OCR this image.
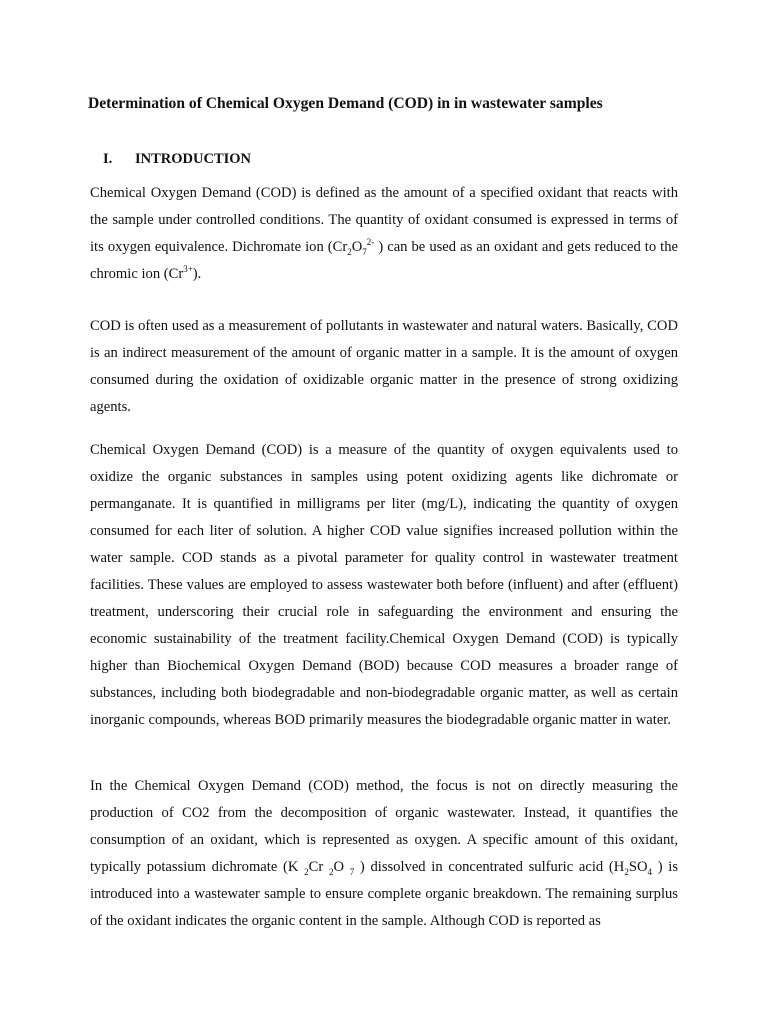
Determination of Chemical Oxygen Demand (COD) in in wastewater samples
I. INTRODUCTION

Chemical Oxygen Demand (COD) is defined as the amount of a specified oxidant that reacts with the sample under controlled conditions. The quantity of oxidant consumed is expressed in terms of its oxygen equivalence. Dichromate ion ($Cr_2O_7^{2-}$ ) can be used as an oxidant and gets reduced to the chromic ion $(Cr^{3+})$.

COD is often used as a measurement of pollutants in wastewater and natural waters. Basically, COD is an indirect measurement of the amount of organic matter in a sample. It is the amount of oxygen consumed during the oxidation of oxidizable organic matter in the presence of strong oxidizing agents.

Chemical Oxygen Demand (COD) is a measure of the quantity of oxygen equivalents used to oxidize the organic substances in samples using potent oxidizing agents like dichromate or permanganate. It is quantified in milligrams per liter (mg/L), indicating the quantity of oxygen consumed for each liter of solution. A higher COD value signifies increased pollution within the water sample. COD stands as a pivotal parameter for quality control in wastewater treatment facilities. These values are employed to assess wastewater both before (influent) and after (effluent) treatment, underscoring their crucial role in safeguarding the environment and ensuring the economic sustainability of the treatment facility.Chemical Oxygen Demand (COD) is typically higher than Biochemical Oxygen Demand (BOD) because COD measures a broader range of substances, including both biodegradable and non-biodegradable organic matter, as well as certain inorganic compounds, whereas BOD primarily measures the biodegradable organic matter in water.

In the Chemical Oxygen Demand (COD) method, the focus is not on directly measuring the production of CO2 from the decomposition of organic wastewater. Instead, it quantifies the consumption of an oxidant, which is represented as oxygen. A specific amount of this oxidant, typically potassium dichromate (K $_2$Cr $_2$O $_7$ ) dissolved in concentrated sulfuric acid ($H_2SO_4$ ) is introduced into a wastewater sample to ensure complete organic breakdown. The remaining surplus of the oxidant indicates the organic content in the sample. Although COD is reported as
